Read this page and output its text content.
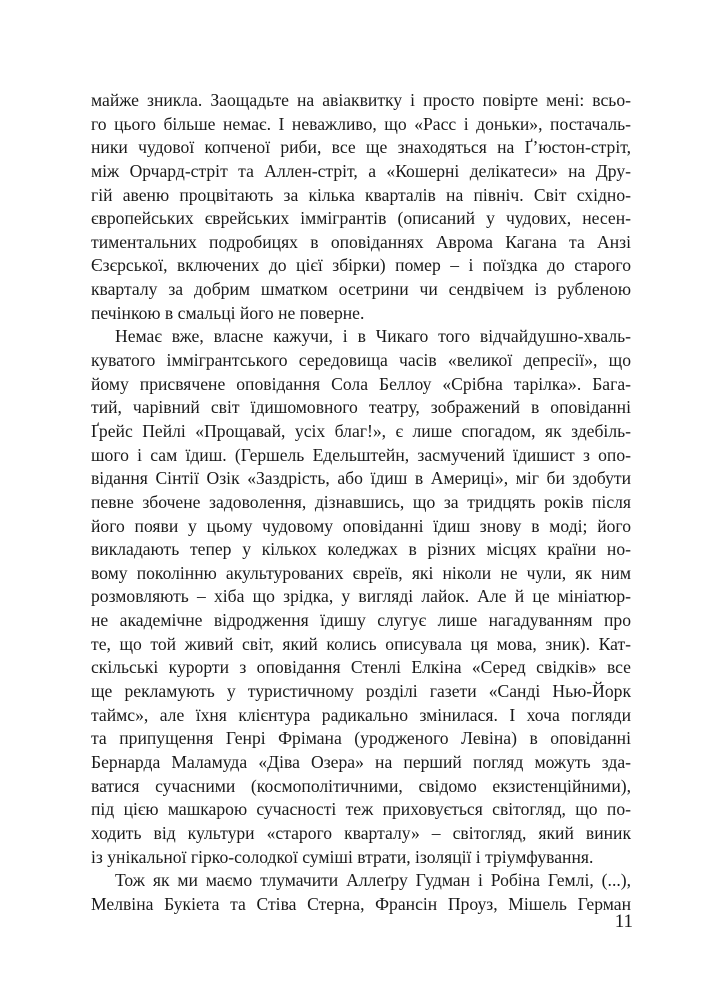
майже зникла. Заощадьте на авіаквитку і просто повірте мені: всьо-
го цього більше немає. І неважливо, що «Расс і доньки», постачаль-
ники чудової копченої риби, все ще знаходяться на Ґ’юстон-стріт,
між Орчард-стріт та Аллен-стріт, а «Кошерні делікатеси» на Дру-
гій авеню процвітають за кілька кварталів на північ. Світ східно-
європейських єврейських іммігрантів (описаний у чудових, несен-
тиментальних подробицях в оповіданнях Аврома Кагана та Анзі
Єзєрської, включених до цієї збірки) помер – і поїздка до старого
кварталу за добрим шматком осетрини чи сендвічем із рубленою
печінкою в смальці його не поверне.
Немає вже, власне кажучи, і в Чикаго того відчайдушно-хваль-
куватого іммігрантського середовища часів «великої депресії», що
йому присвячене оповідання Сола Беллоу «Срібна тарілка». Бага-
тий, чарівний світ їдишомовного театру, зображений в оповіданні
Ґрейс Пейлі «Прощавай, усіх благ!», є лише спогадом, як здебіль-
шого і сам їдиш. (Гершель Едельштейн, засмучений їдишист з опо-
відання Сінтії Озік «Заздрість, або їдиш в Америці», міг би здобути
певне збочене задоволення, дізнавшись, що за тридцять років після
його появи у цьому чудовому оповіданні їдиш знову в моді; його
викладають тепер у кількох коледжах в різних місцях країни но-
вому поколінню акультурованих євреїв, які ніколи не чули, як ним
розмовляють – хіба що зрідка, у вигляді лайок. Але й це мініатюр-
не академічне відродження їдишу слугує лише нагадуванням про
те, що той живий світ, який колись описувала ця мова, зник). Кат-
скільські курорти з оповідання Стенлі Елкіна «Серед свідків» все
ще рекламують у туристичному розділі газети «Санді Нью-Йорк
таймс», але їхня клієнтура радикально змінилася. І хоча погляди
та припущення Генрі Фрімана (уродженого Левіна) в оповіданні
Бернарда Маламуда «Діва Озера» на перший погляд можуть зда-
ватися сучасними (космополітичними, свідомо екзистенційними),
під цією машкарою сучасності теж приховується світогляд, що по-
ходить від культури «старого кварталу» – світогляд, який виник
із унікальної гірко-солодкої суміші втрати, ізоляції і тріумфування.
Тож як ми маємо тлумачити Аллеґру Гудман і Робіна Гемлі, (...),
Мелвіна Букіета та Стіва Стерна, Франсін Проуз, Мішель Герман
11
